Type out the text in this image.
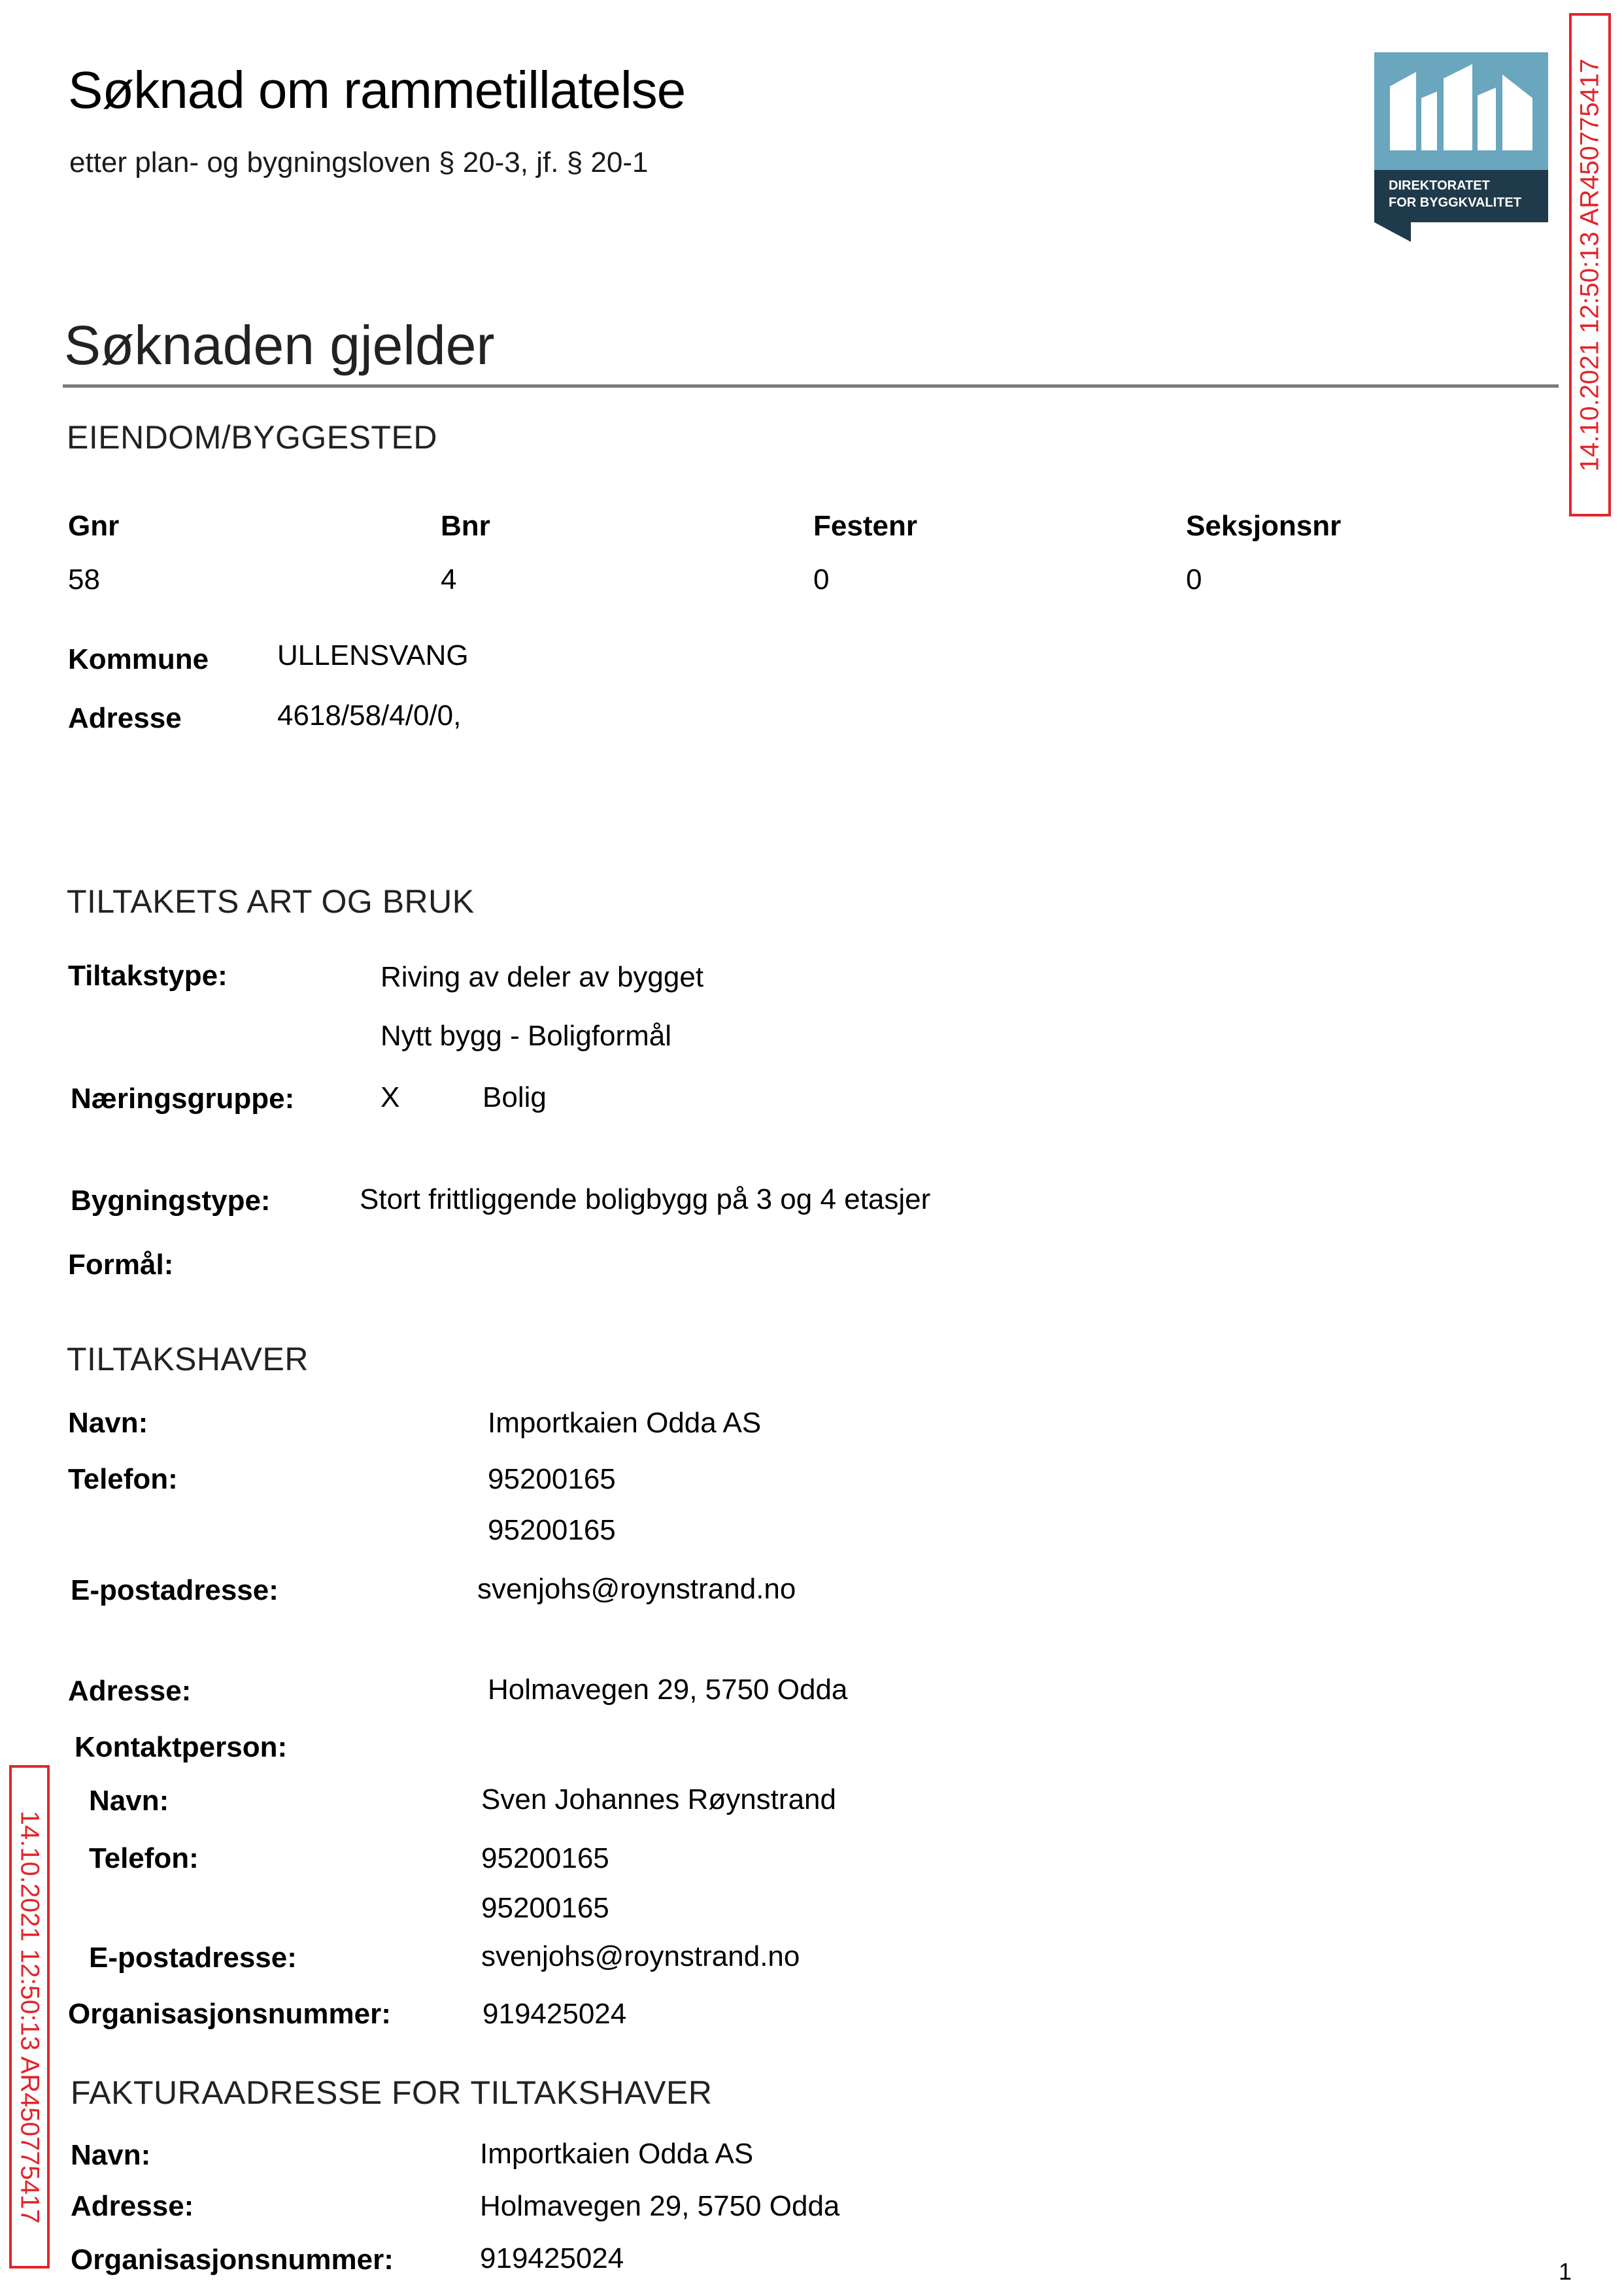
Søknad om rammetillatelse
etter plan- og bygningsloven § 20-3, jf. § 20-1
DIREKTORATET
FOR BYGGKVALITET 14.10.2021 12:50:13 AR450775417
14.10.2021 12:50:13 AR450775417
Søknaden gjelder
EIENDOM/BYGGESTED
Gnr	Bnr	Festenr	Seksjonsnr
58	4	0	0
Kommune ULLENSVANG
Adresse	4618/58/4/0/0,
TILTAKETS ART OG BRUK
Tiltakstype:	Riving av deler av bygget
Nytt bygg - Boligformål
Næringsgruppe:	X	Bolig
Bygningstype:	Stort frittliggende boligbygg på 3 og 4 etasjer
Formål:
TILTAKSHAVER
Navn:	Importkaien Odda AS
Telefon:	95200165
95200165
E-postadresse:	svenjohs@roynstrand.no
Adresse:	Holmavegen 29, 5750 Odda
Kontaktperson:
Navn:	Sven Johannes Røynstrand
Telefon:	95200165
95200165
E-postadresse:	svenjohs@roynstrand.no
Organisasjonsnummer:	919425024
FAKTURAADRESSE FOR TILTAKSHAVER
Navn:	Importkaien Odda AS
Adresse:	Holmavegen 29, 5750 Odda
Organisasjonsnummer:	919425024	1
